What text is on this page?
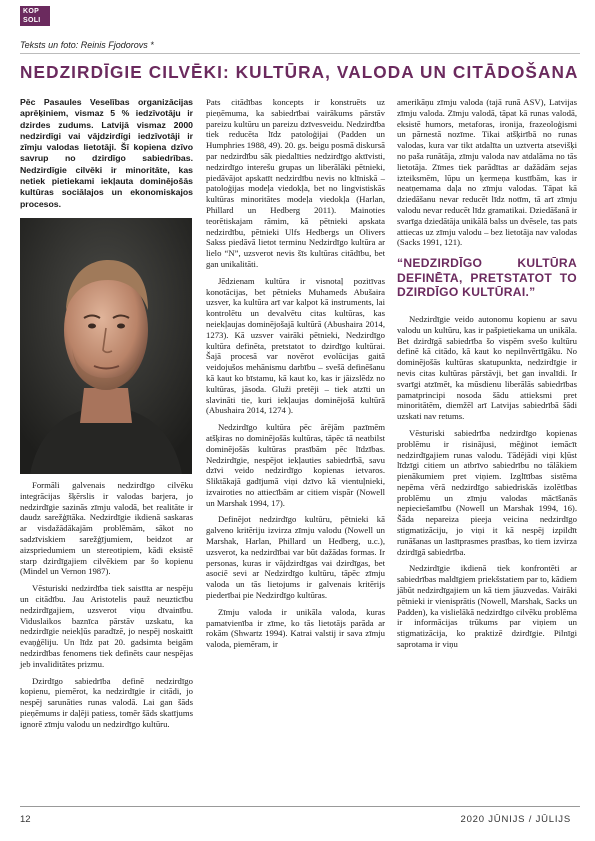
KOP
SOLI
Teksts un foto: Reinis Fjodorovs *
NEDZIRDĪGIE CILVĒKI: KULTŪRA, VALODA UN CITĀDOŠANA
Pēc Pasaules Veselības organizācijas aprēķiniem, vismaz 5 % iedzīvotāju ir dzirdes zudums. Latvijā vismaz 2000 nedzirdīgi vai vājdzirdīgi iedzīvotāji ir zīmju valodas lietotāji. Šī kopiena dzīvo savrup no dzirdīgo sabiedrības. Nedzirdīgie cilvēki ir minoritāte, kas netiek pietiekami iekļauta dominējošās kultūras sociālajos un ekonomiskajos procesos.

Formāli galvenais nedzirdīgo cilvēku integrācijas šķērslis ir valodas barjera, jo nedzirdīgie sazinās zīmju valodā, bet realitāte ir daudz sarežģītāka. Nedzirdīgie ikdienā saskaras ar visdažādākajām problēmām, sākot no sadzīviskiem sarežģījumiem, beidzot ar aizspriedumiem un stereotipiem, kādi eksistē starp dzirdīgajiem cilvēkiem par šo kopienu (Mindel un Vernon 1987).

Vēsturiski nedzirdība tiek saistīta ar nespēju un citādību. Jau Aristotelis pauž neuzticību nedzirdīgajiem, uzsverot viņu dīvainību. Viduslaikos baznīca pārstāv uzskatu, ka nedzirdīgie neiekļūs paradīzē, jo nespēj noskaitīt evaņģēliju. Un līdz pat 20. gadsimta beigām nedzirdības fenomens tiek definēts caur nespējas jeb invaliditātes prizmu.

Dzirdīgo sabiedrība definē nedzirdīgo kopienu, piemērot, ka nedzirdīgie ir citādi, jo nespēj sarunāties runas valodā. Lai gan šāds pieņēmums ir daļēji patiess, tomēr šāds skatījums ignorē zīmju valodu un nedzirdīgo kultūru.

Pats citādības koncepts ir konstruēts uz pieņēmuma, ka sabiedrībai vairākums pārstāv pareizu kultūru un pareizu dzīvesveidu. Nedzirdība tiek reducēta līdz patoloģijai (Padden un Humphries 1988, 49). 20. gs. beigu posmā diskursā par nedzirdību sāk piedalīties nedzirdīgo aktīvisti, nedzirdīgo interešu grupas un liberālāki pētnieki, piedāvājot apskatīt nedzirdību nevis no klīniskā – patoloģijas modeļa viedokļa, bet no lingvistiskās kultūras minoritātes modeļa viedokļa (Harlan, Phillard un Hedberg 2011). Mainoties teorētiskajam rāmim, kā pētnieki apskata nedzirdību, pētnieki Ulfs Hedbergs un Olivers Sakss piedāvā lietot terminu Nedzirdīgo kultūra ar lielo “N”, uzsverot nevis šīs kultūras citādību, bet gan unikalitāti.

Jēdzienam kultūra ir visnotaļ pozitīvas konotācijas, bet pētnieks Muhameds Abušaira uzsver, ka kultūra arī var kalpot kā instruments, lai kontrolētu un devalvētu citas kultūras, kas neiekļaujas dominējošajā kultūrā (Abushaira 2014, 1273). Kā uzsver vairāki pētnieki, Nedzirdīgo kultūra definēta, pretstatot to dzirdīgo kultūrai. Šajā procesā var novērot evolūcijas gaitā veidojušos mehānismu darbību – svešā definēšanu kā kaut ko bīstamu, kā kaut ko, kas ir jāizslēdz no kultūras, jāsoda. Gluži pretēji – tiek atzīti un slavināti tie, kuri iekļaujas dominējošā kultūrā (Abushaira 2014, 1274 ).

Nedzirdīgo kultūra pēc ārējām pazīmēm atšķiras no dominējošās kultūras, tāpēc tā neatbilst dominējošās kultūras prasībām pēc līdzības. Nedzirdīgie, nespējot iekļauties sabiedrībā, savu dzīvi veido nedzirdīgo kopienas ietvaros. Sliktākajā gadījumā viņi dzīvo kā vientuļnieki, izvairoties no attiecībām ar citiem vispār (Nowell un Marshak 1994, 17).

Definējot nedzirdīgo kultūru, pētnieki kā galveno kritēriju izvirza zīmju valodu (Nowell un Marshak, Harlan, Phillard un Hedberg, u.c.), uzsverot, ka nedzirdībai var būt dažādas formas. Ir personas, kuras ir vājdzirdīgas vai dzirdīgas, bet asociē sevi ar Nedzirdīgo kultūru, tāpēc zīmju valoda un tās lietojums ir galvenais kritērijs piederībai pie Nedzirdīgo kultūras.

Zīmju valoda ir unikāla valoda, kuras pamatvienība ir zīme, ko tās lietotājs parāda ar rokām (Shwartz 1994). Katrai valstij ir sava zīmju valoda, piemēram, ir

amerikāņu zīmju valoda (tajā runā ASV), Latvijas zīmju valoda. Zīmju valodā, tāpat kā runas valodā, eksistē humors, metaforas, ironija, frazeoloģismi un pārnestā nozīme. Tikai atšķirībā no runas valodas, kura var tikt atdalīta un uztverta atsevišķi no paša runātāja, zīmju valoda nav atdalāma no tās lietotāja. Zīmes tiek parādītas ar dažādām sejas izteiksmēm, lūpu un ķermeņa kustībām, kas ir neatņemama daļa no zīmju valodas. Tāpat kā dziedāšanu nevar reducēt līdz notīm, tā arī zīmju valodu nevar reducēt līdz gramatikai. Dziedāšanā ir svarīga dziedātāja unikālā balss un dvēsele, tas pats attiecas uz zīmju valodu – bez lietotāja nav valodas (Sacks 1991, 121).

“NEDZIRDĪGO KULTŪRA DEFINĒTA, PRETSTATOT TO DZIRDĪGO KULTŪRAI.”

Nedzirdīgie veido autonomu kopienu ar savu valodu un kultūru, kas ir pašpietiekama un unikāla. Bet dzirdīgā sabiedrība šo vispēm svešo kultūru definē kā citādo, kā kaut ko nepilnvērtīgāku. No dominējošās kultūras skatupunkta, nedzirdīgie ir nevis citas kultūras pārstāvji, bet gan invalīdi. Ir svarīgi atzīmēt, ka mūsdienu liberālās sabiedrības pamatprincipi nosoda šādu attieksmi pret minoritātēm, diemžēl arī Latvijas sabiedrībā šādi uzskati nav retums.

Vēsturiski sabiedrība nedzirdīgo kopienas problēmu ir risinājusi, mēģinot iemācīt nedzirdīgajiem runas valodu. Tādējādi viņi kļūst līdzīgi citiem un atbrīvo sabiedrību no tālākiem pienākumiem pret viņiem. Izglītības sistēma nepēma vērā nedzirdīgo sabiedriskās izolētības problēmu un zīmju valodas mācīšanās nepieciešamību (Nowell un Marshak 1994, 16). Šāda nepareiza pieeja veicina nedzirdīgo stigmatizāciju, jo viņi it kā nespēj izpildīt runāšanas un lasītprasmes prasības, ko tiem izvirza dzirdīgā sabiedrība.

Nedzirdīgie ikdienā tiek konfrontēti ar sabiedrības maldīgiem priekšstatiem par to, kādiem jābūt nedzirdīgajiem un kā tiem jāuzvedas. Vairāki pētnieki ir vienisprātis (Nowell, Marshak, Sacks un Padden), ka vislielākā nedzirdīgo cilvēku problēma ir informācijas trūkums par viņiem un stigmatizācija, ko praktizē dzirdīgie. Pilnīgi saprotama ir viņu

12	2020 JŪNIJS / JŪLIJS
